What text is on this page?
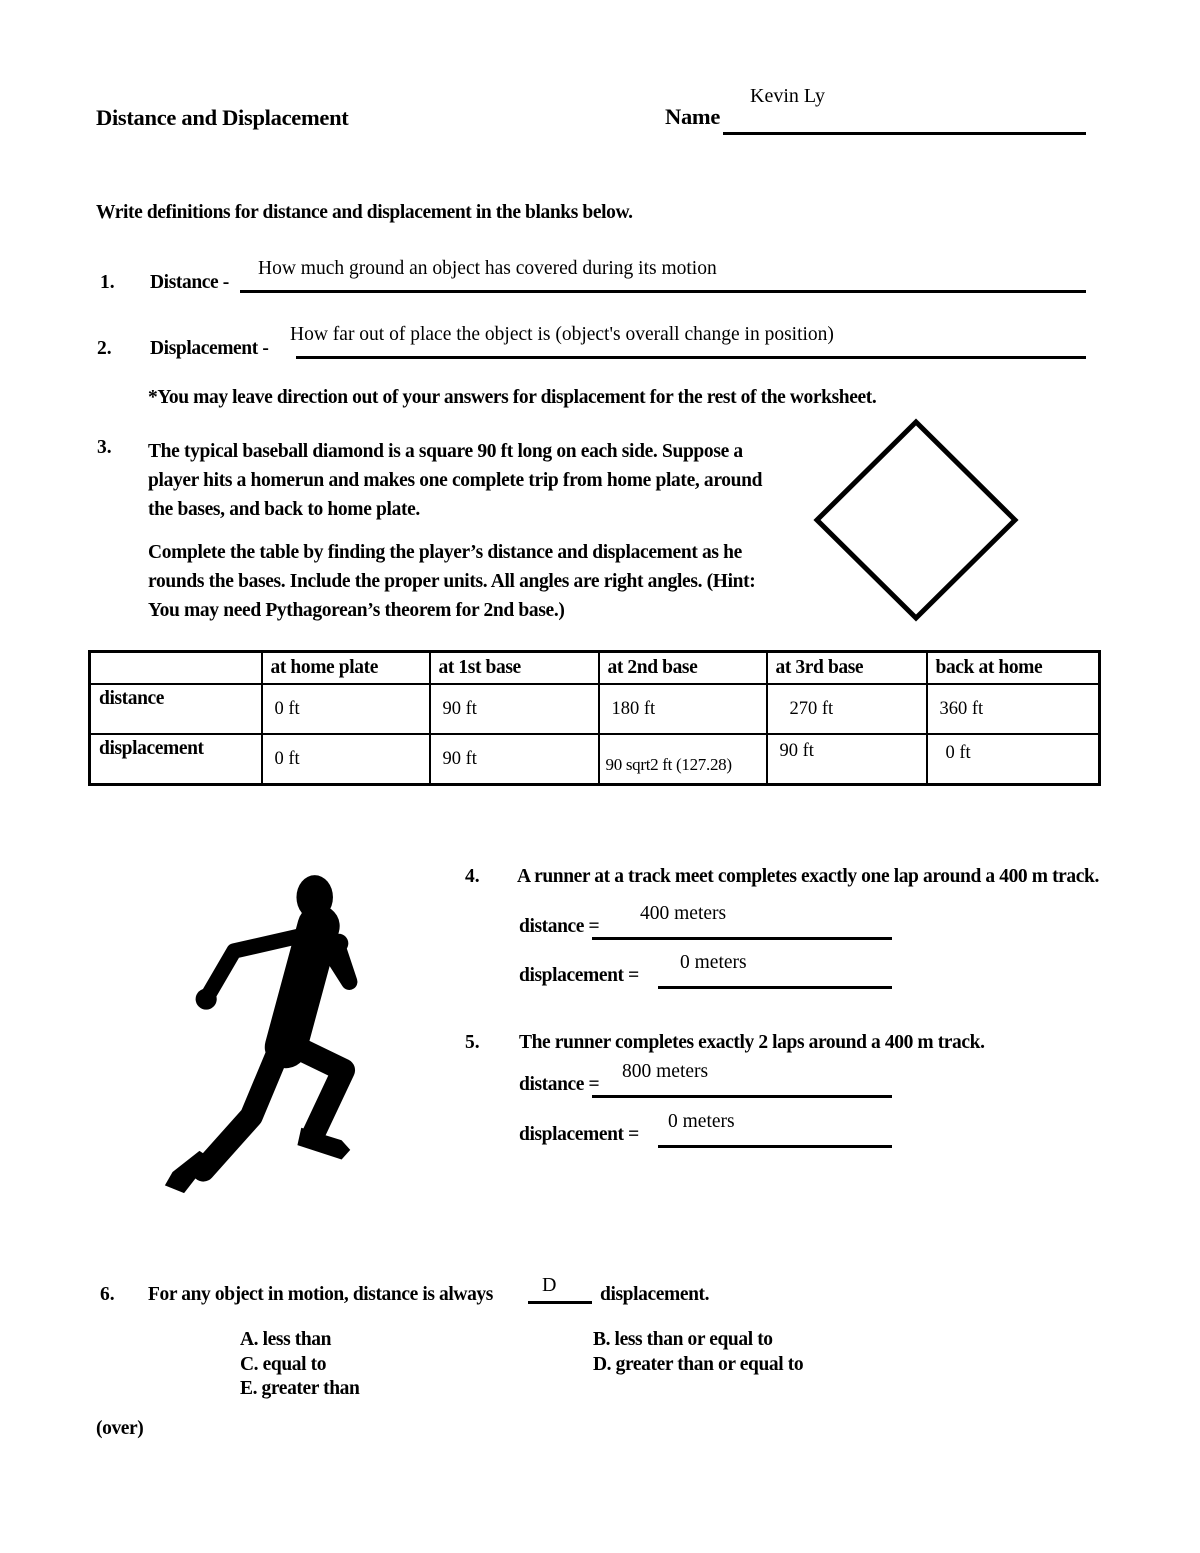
Distance and Displacement	Name
Kevin Ly
Write definitions for distance and displacement in the blanks below.
1. Distance -
How much ground an object has covered during its motion
2. Displacement -
How far out of place the object is (object's overall change in position)
*You may leave direction out of your answers for displacement for the rest of the worksheet.
3. The typical baseball diamond is a square 90 ft long on each side. Suppose a player hits a homerun and makes one complete trip from home plate, around the bases, and back to home plate.
Complete the table by finding the player’s distance and displacement as he rounds the bases. Include the proper units. All angles are right angles. (Hint: You may need Pythagorean’s theorem for 2nd base.)
	at home plate	at 1st base	at 2nd base	at 3rd base	back at home
distance	0 ft	90 ft	180 ft	270 ft	360 ft
displacement	0 ft	90 ft	90 sqrt2 ft (127.28)	90 ft	0 ft
4. A runner at a track meet completes exactly one lap around a 400 m track.
distance =
400 meters
displacement =
0 meters
5. The runner completes exactly 2 laps around a 400 m track.
distance =
800 meters
displacement =
0 meters
6. For any object in motion, distance is always D displacement.
A. less than
C. equal to
E. greater than
B. less than or equal to
D. greater than or equal to
(over)
